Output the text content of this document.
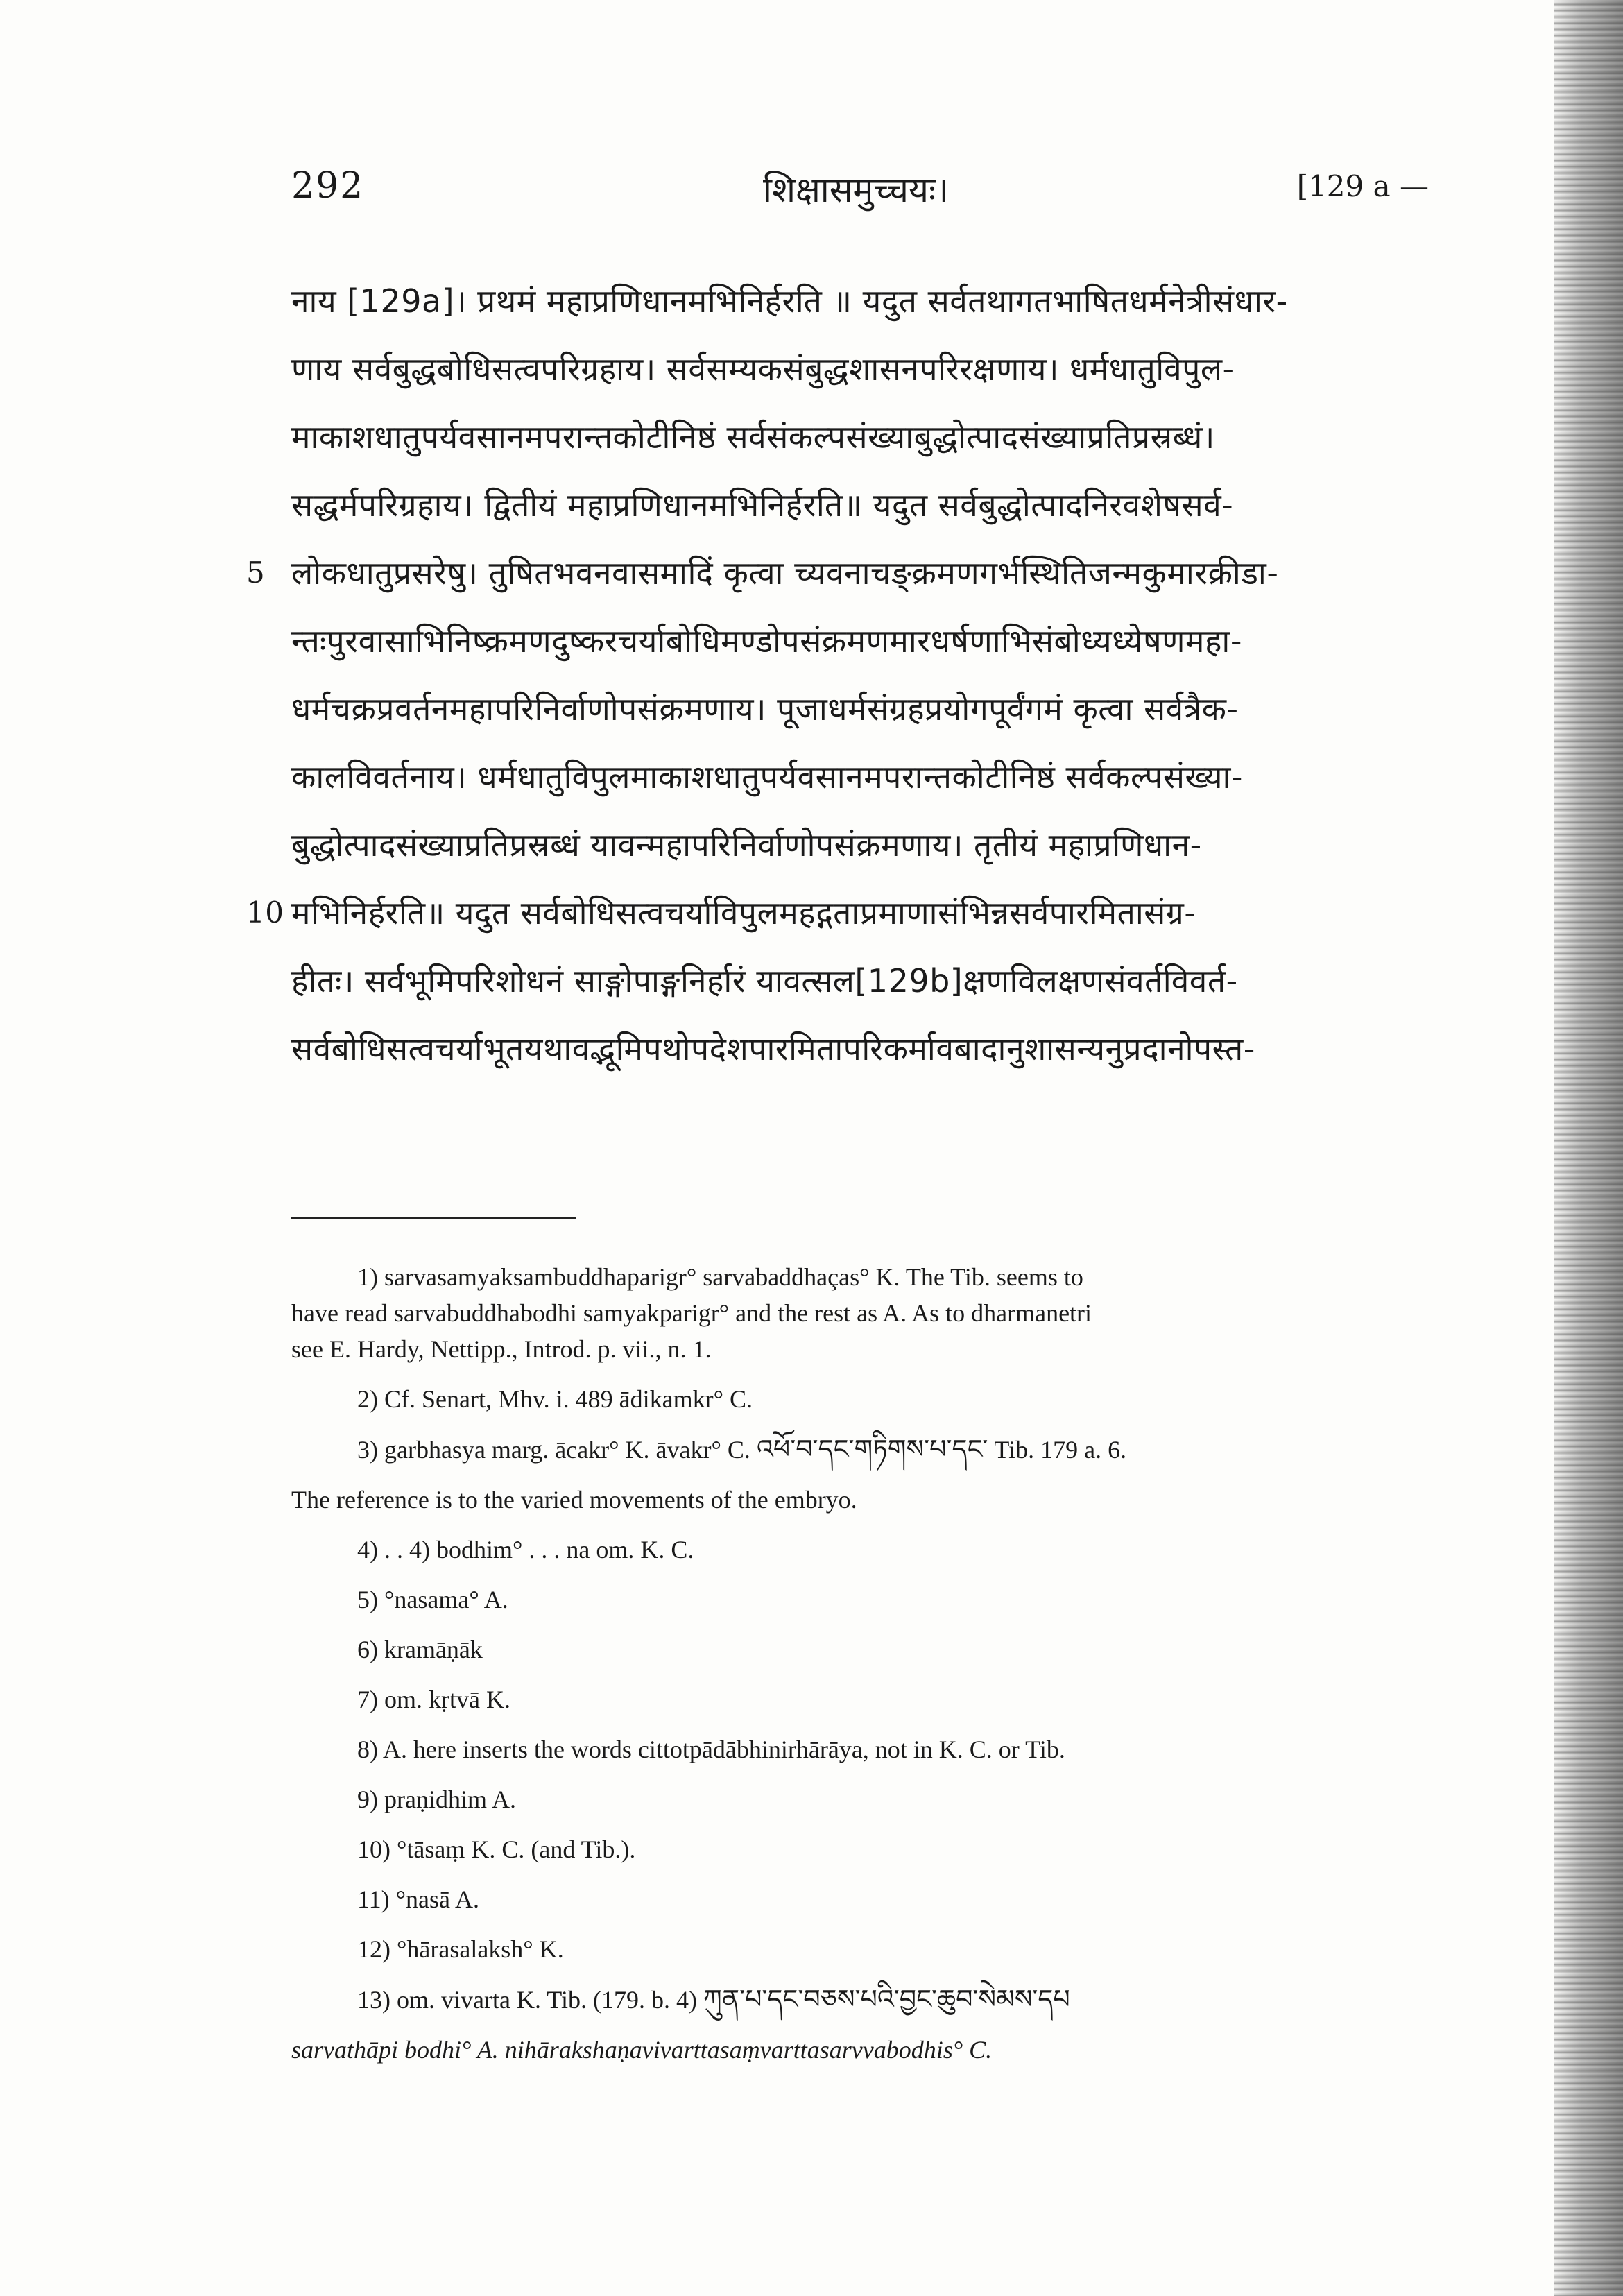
292	शिक्षासमुच्चयः।	[129 a —
नाय [129a]। प्रथमं महाप्रणिधानमभिनिर्हरति ॥ यदुत सर्वतथागतभाषितधर्मनेत्रीसंधार-
णाय सर्वबुद्धबोधिसत्वपरिग्रहाय। सर्वसम्यकसंबुद्धशासनपरिरक्षणाय। धर्मधातुविपुल-
माकाशधातुपर्यवसानमपरान्तकोटीनिष्ठं सर्वसंकल्पसंख्याबुद्धोत्पादसंख्याप्रतिप्रस्रब्धं।
सद्धर्मपरिग्रहाय। द्वितीयं महाप्रणिधानमभिनिर्हरति॥ यदुत सर्वबुद्धोत्पादनिरवशेषसर्व-
5 लोकधातुप्रसरेषु। तुषितभवनवासमादिं कृत्वा च्यवनाचङ्क्रमणगर्भस्थितिजन्मकुमारक्रीडा-
न्तःपुरवासाभिनिष्क्रमणदुष्करचर्याबोधिमण्डोपसंक्रमणमारधर्षणाभिसंबोध्यध्येषणमहा-
धर्मचक्रप्रवर्तनमहापरिनिर्वाणोपसंक्रमणाय। पूजाधर्मसंग्रहप्रयोगपूर्वंगमं कृत्वा सर्वत्रैक-
कालविवर्तनाय। धर्मधातुविपुलमाकाशधातुपर्यवसानमपरान्तकोटीनिष्ठं सर्वकल्पसंख्या-
बुद्धोत्पादसंख्याप्रतिप्रस्रब्धं यावन्महापरिनिर्वाणोपसंक्रमणाय। तृतीयं महाप्रणिधान-
10 मभिनिर्हरति॥ यदुत सर्वबोधिसत्वचर्याविपुलमहद्गताप्रमाणासंभिन्नसर्वपारमितासंग्र-
हीतः। सर्वभूमिपरिशोधनं साङ्गोपाङ्गनिर्हारं यावत्सल[129b]क्षणविलक्षणसंवर्तविवर्त-
सर्वबोधिसत्वचर्याभूतयथावद्भूमिपथोपदेशपारमितापरिकर्मावबादानुशासन्यनुप्रदानोपस्त-
1) sarvasamyaksambuddhaparigr° sarvabaddhaças° K. The Tib. seems to
have read sarvabuddhabodhi samyakparigr° and the rest as A. As to dharmanetri
see E. Hardy, Nettipp., Introd. p. vii., n. 1.
2) Cf. Senart, Mhv. i. 489 ādikamkr° C.
3) garbhasya marg. ācakr° K. āvakr° C. འཕོ་བ་དང་གཏིགས་པ་དང་ Tib. 179 a. 6.
The reference is to the varied movements of the embryo.
4) . . 4) bodhim° . . . na om. K. C.
5) °nasama° A.
6) kramāṇāk
7) om. kṛtvā K.
8) A. here inserts the words cittotpādābhinirhārāya, not in K. C. or Tib.
9) praṇidhim A.
10) °tāsaṃ K. C. (and Tib.).
11) °nasā A.
12) °hārasalaksh° K.
13) om. vivarta K. Tib. (179. b. 4) ཀུན་པ་དང་བཅས་པའི་བྱང་ཆུབ་སེམས་དཔ
sarvathāpi bodhi° A. nihārakshaṇavivarttasaṃvarttasarvvabodhis° C.
